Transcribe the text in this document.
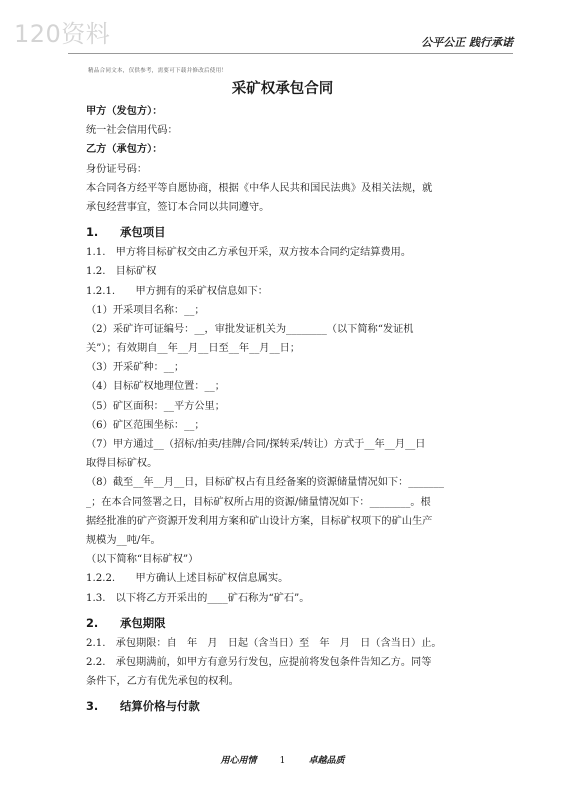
120资料	公平公正 践行承诺
精品合同文本，仅供参考，需要可下载并修改后使用！
采矿权承包合同
甲方（发包方）：
统一社会信用代码：
乙方（承包方）：
身份证号码：
本合同各方经平等自愿协商，根据《中华人民共和国民法典》及相关法规，就
承包经营事宜，签订本合同以共同遵守。
1. 承包项目
1.1.　甲方将目标矿权交由乙方承包开采，双方按本合同约定结算费用。
1.2.　目标矿权
1.2.1.　　甲方拥有的采矿权信息如下：
（1）开采项目名称：__；
（2）采矿许可证编号：__，审批发证机关为________（以下简称“发证机
关”）；有效期自__年__月__日至__年__月__日；
（3）开采矿种：__；
（4）目标矿权地理位置：__；
（5）矿区面积：__平方公里；
（6）矿区范围坐标：__；
（7）甲方通过__（招标/拍卖/挂牌/合同/探转采/转让）方式于__年__月__日
取得目标矿权。
（8）截至__年__月__日，目标矿权占有且经备案的资源储量情况如下：_______
_；在本合同签署之日，目标矿权所占用的资源/储量情况如下：________。根
据经批准的矿产资源开发利用方案和矿山设计方案，目标矿权项下的矿山生产
规模为__吨/年。
（以下简称“目标矿权”）
1.2.2.　　甲方确认上述目标矿权信息属实。
1.3.　以下将乙方开采出的____矿石称为“矿石”。
2. 承包期限
2.1.　承包期限：自　年　月　日起（含当日）至　年　月　日（含当日）止。
2.2.　承包期满前，如甲方有意另行发包，应提前将发包条件告知乙方。同等
条件下，乙方有优先承包的权利。
3. 结算价格与付款
用心用情	1	卓越品质
